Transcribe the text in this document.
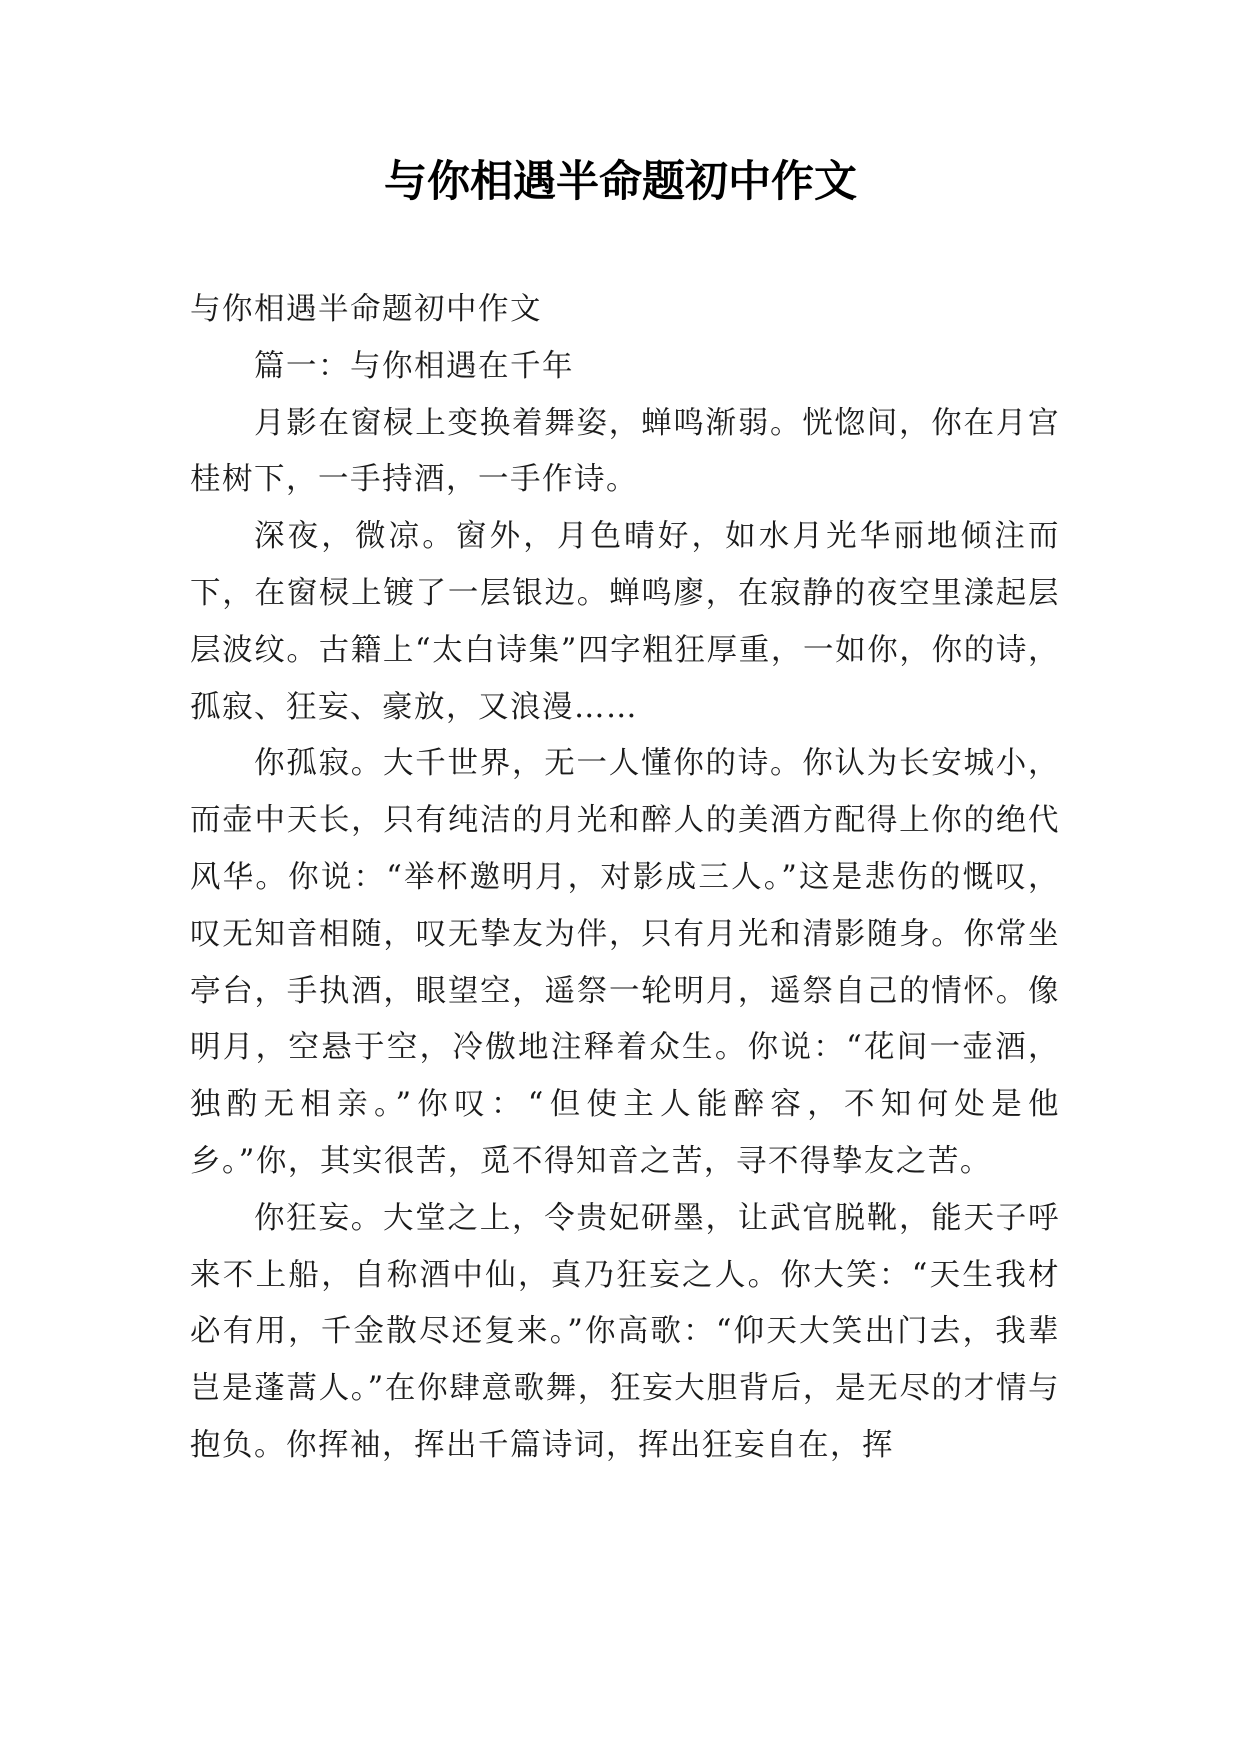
与你相遇半命题初中作文

与你相遇半命题初中作文

篇一：与你相遇在千年

月影在窗棂上变换着舞姿，蝉鸣渐弱。恍惚间，你在月宫桂树下，一手持酒，一手作诗。

深夜，微凉。窗外，月色晴好，如水月光华丽地倾注而下，在窗棂上镀了一层银边。蝉鸣廖，在寂静的夜空里漾起层层波纹。古籍上“太白诗集”四字粗狂厚重，一如你，你的诗，孤寂、狂妄、豪放，又浪漫……

你孤寂。大千世界，无一人懂你的诗。你认为长安城小，而壶中天长，只有纯洁的月光和醉人的美酒方配得上你的绝代风华。你说：“举杯邀明月，对影成三人。”这是悲伤的慨叹，叹无知音相随，叹无挚友为伴，只有月光和清影随身。你常坐亭台，手执酒，眼望空，遥祭一轮明月，遥祭自己的情怀。像明月，空悬于空，冷傲地注释着众生。你说：“花间一壶酒，独酌无相亲。”你叹：“但使主人能醉容，不知何处是他乡。”你，其实很苦，觅不得知音之苦，寻不得挚友之苦。

你狂妄。大堂之上，令贵妃研墨，让武官脱靴，能天子呼来不上船，自称酒中仙，真乃狂妄之人。你大笑：“天生我材必有用，千金散尽还复来。”你高歌：“仰天大笑出门去，我辈岂是蓬蒿人。”在你肆意歌舞，狂妄大胆背后，是无尽的才情与抱负。你挥袖，挥出千篇诗词，挥出狂妄自在，挥
